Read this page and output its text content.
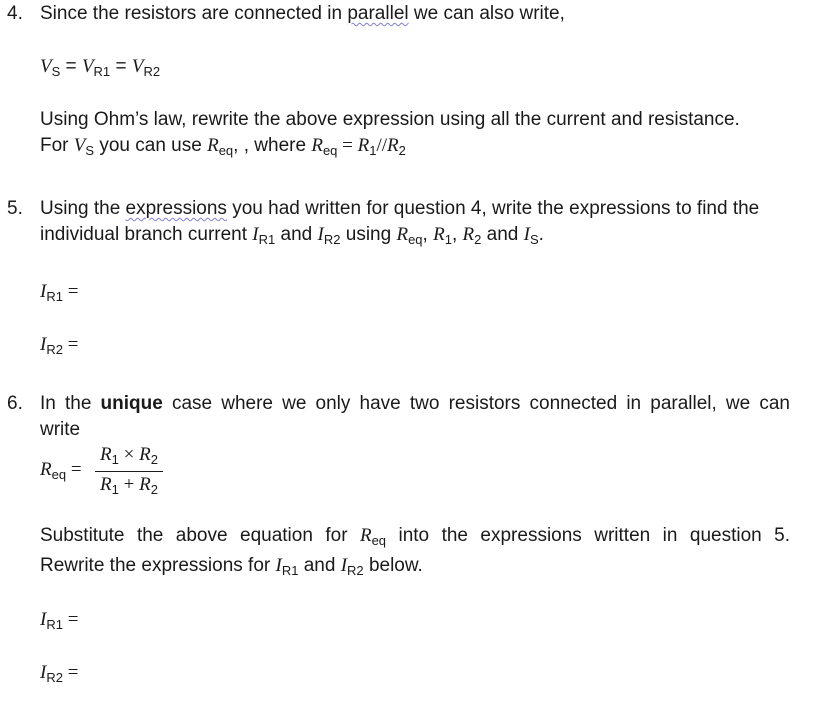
4. Since the resistors are connected in parallel we can also write,
$V_S = V_{R1} = V_{R2}$
Using Ohm’s law, rewrite the above expression using all the current and resistance.
For $V_S$ you can use $R_{eq}$, , where $R_{eq} = R_1//R_2$
5. Using the expressions you had written for question 4, write the expressions to find the
individual branch current $I_{R1}$ and $I_{R2}$ using $R_{eq}$, $R_1$, $R_2$ and $I_S$.
$I_{R1}$ =
$I_{R2}$ =
6. In the unique case where we only have two resistors connected in parallel, we can
write
$R_{eq}$ =
$R_1 \times R_2$
$R_1 + R_2$
Substitute the above equation for $R_{eq}$ into the expressions written in question 5.
Rewrite the expressions for $I_{R1}$ and $I_{R2}$ below.
$I_{R1}$ =
$I_{R2}$ =
